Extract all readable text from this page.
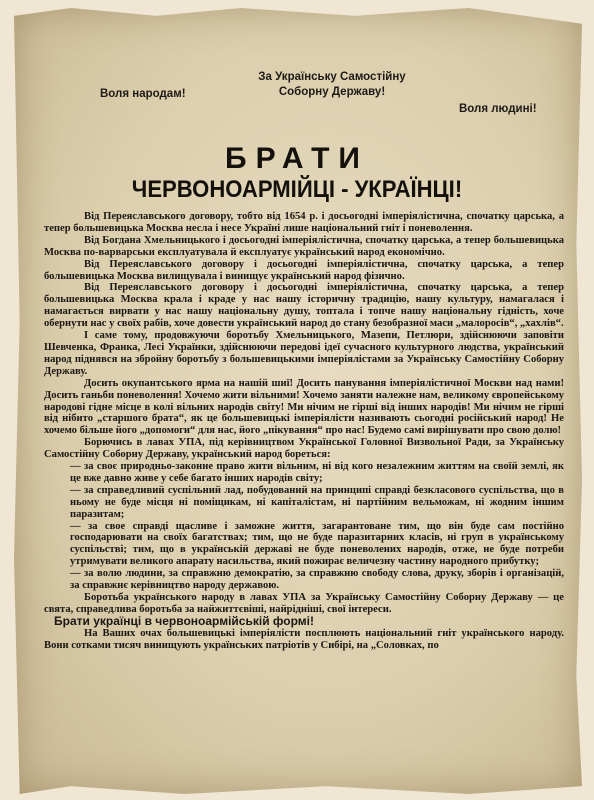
Воля народам!
За Українську Самостійну Соборну Державу!
Воля людині!
БРАТИ
ЧЕРВОНОАРМІЙЦІ - УКРАЇНЦІ!

Від Переяславського договору, тобто від 1654 р. і досьогодні імперіялістична, спочатку царська, а тепер большевицька Москва несла і несе Україні лише національний гніт і поневолення.

Від Богдана Хмельницького і досьогодні імперіялістична, спочатку царська, а тепер большевицька Москва по-варварськи експлуатувала й експлуатує український народ економічно.

Від Переяславського договору і досьогодні імперіялістична, спочатку царська, а тепер большевицька Москва вилищувала і винищує український народ фізично.

Від Переяславського договору і досьогодні імперіялістична, спочатку царська, а тепер большевицька Москва крала і краде у нас нашу історичну традицію, нашу культуру, намагалася і намагається вирвати у нас нашу національну душу, топтала і топче нашу національну гідність, хоче обернути нас у своїх рабів, хоче довести український народ до стану безобразної маси „малоросів“, „хахлів“.

І саме тому, продовжуючи боротьбу Хмельницького, Мазепи, Петлюри, здійснюючи заповіти Шевченка, Франка, Лесі Українки, здійснюючи передові ідеї сучасного культурного людства, український народ піднявся на збройну боротьбу з большевицькими імперіялістами за Українську Самостійну Соборну Державу.

Досить окупантського ярма на нашій шиї! Досить панування імперіялістичної Москви над нами! Досить ганьби поневолення! Хочемо жити вільними! Хочемо заняти належне нам, великому європейському народові гідне місце в колі вільних народів світу! Ми нічим не гірші від інших народів! Ми нічим не гірші від нібито „старшого брата“, як це большевицькі імперіялісти називають сьогодні російський народ! Не хочемо більше його „допомоги“ для нас, його „пікування“ про нас! Будемо самі вирішувати про свою долю!

Борючись в лавах УПА, під керівництвом Української Головної Визвольної Ради, за Українську Самостійну Соборну Державу, український народ бореться:

— за своє природньо-законне право жити вільним, ні від кого незалежним життям на своїй землі, як це вже давно живе у себе багато інших народів світу;

— за справедливий суспільний лад, побудований на принципі справді безкласового суспільства, що в ньому не буде місця ні поміщикам, ні капіталістам, ні партійним вельможам, ні жодним іншим паразитам;

— за свое справді щасливе і заможне життя, загарантоване тим, що він буде сам постійно господарювати на своїх багатствах; тим, що не буде паразитарних класів, ні груп в українському суспільстві; тим, що в українській державі не буде поневолених народів, отже, не буде потреби утримувати великого апарату насильства, який пожирає величезну частину народного прибутку;

— за волю людини, за справжню демократію, за справжню свободу слова, друку, зборів і організацій, за справжнє керівництво народу державою.

Боротьба українського народу в лавах УПА за Українську Самостійну Соборну Державу — це свята, справедлива боротьба за найжиттєвіші, найрідніші, свої інтереси.

Брати українці в червоноармійській формі!

На Ваших очах большевицькі імперіялісти посплюють національний гніт українського народу. Вони сотками тисяч винищують українських патріотів у Сибірі, на „Соловках, по
